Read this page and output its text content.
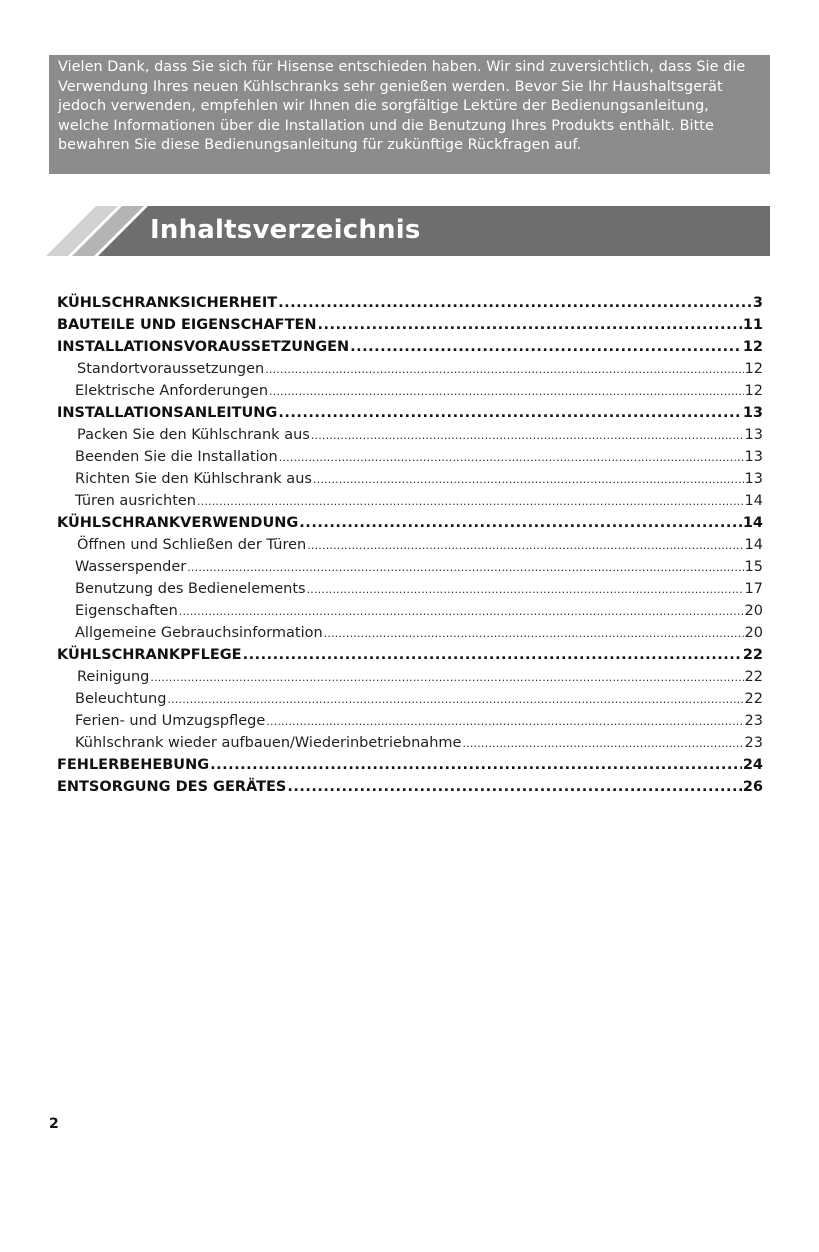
Vielen Dank, dass Sie sich für Hisense entschieden haben. Wir sind zuversichtlich, dass Sie die Verwendung Ihres neuen Kühlschranks sehr genießen werden. Bevor Sie Ihr Haushaltsgerät jedoch verwenden, empfehlen wir Ihnen die sorgfältige Lektüre der Bedienungsanleitung, welche Informationen über die Installation und die Benutzung Ihres Produkts enthält. Bitte bewahren Sie diese Bedienungsanleitung für zukünftige Rückfragen auf.

Inhaltsverzeichnis
KÜHLSCHRANKSICHERHEIT .....	3
BAUTEILE UND EIGENSCHAFTEN .....	11
INSTALLATIONSVORAUSSETZUNGEN .....	12
Standortvoraussetzungen .....	12
Elektrische Anforderungen .....	12
INSTALLATIONSANLEITUNG .....	13
Packen Sie den Kühlschrank aus .....	13
Beenden Sie die Installation .....	13
Richten Sie den Kühlschrank aus .....	13
Türen ausrichten .....	14
KÜHLSCHRANKVERWENDUNG .....	14
Öffnen und Schließen der Türen .....	14
Wasserspender .....	15
Benutzung des Bedienelements .....	17
Eigenschaften .....	20
Allgemeine Gebrauchsinformation .....	20
KÜHLSCHRANKPFLEGE .....	22
Reinigung .....	22
Beleuchtung .....	22
Ferien- und Umzugspflege .....	23
Kühlschrank wieder aufbauen/Wiederinbetriebnahme .....	23
FEHLERBEHEBUNG .....	24
ENTSORGUNG DES GERÄTES .....	26
2
